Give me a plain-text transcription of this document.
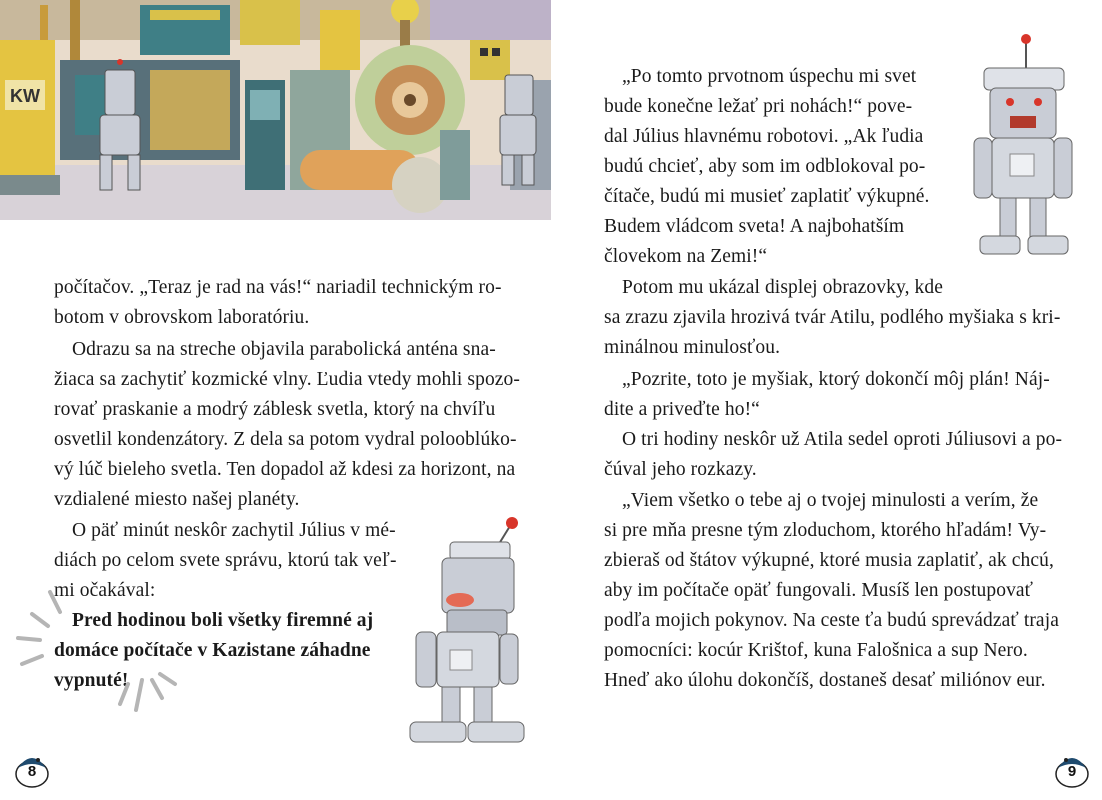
KW

počítačov. „Teraz je rad na vás!“ nariadil technickým ro-

botom v obrovskom laboratóriu.

Odrazu sa na streche objavila parabolická anténa sna-

žiaca sa zachytiť kozmické vlny. Ľudia vtedy mohli spozo-

rovať praskanie a modrý záblesk svetla, ktorý na chvíľu

osvetlil kondenzátory. Z dela sa potom vydral polooblúko-

vý lúč bieleho svetla. Ten dopadol až kdesi za horizont, na

vzdialené miesto našej planéty.

O päť minút neskôr zachytil Július v mé-

diách po celom svete správu, ktorú tak veľ-

mi očakával:

Pred hodinou boli všetky firemné aj

domáce počítače v Kazistane záhadne

vypnuté!

8

„Po tomto prvotnom úspechu mi svet

bude konečne ležať pri nohách!“ pove-

dal Július hlavnému robotovi. „Ak ľudia

budú chcieť, aby som im odblokoval po-

čítače, budú mi musieť zaplatiť výkupné.

Budem vládcom sveta! A najbohatším

človekom na Zemi!“

Potom mu ukázal displej obrazovky, kde

sa zrazu zjavila hrozivá tvár Atilu, podlého myšiaka s kri-

minálnou minulosťou.

„Pozrite, toto je myšiak, ktorý dokončí môj plán! Náj-

dite a priveďte ho!“

O tri hodiny neskôr už Atila sedel oproti Júliusovi a po-

čúval jeho rozkazy.

„Viem všetko o tebe aj o tvojej minulosti a verím, že

si pre mňa presne tým zloduchom, ktorého hľadám! Vy-

zbieraš od štátov výkupné, ktoré musia zaplatiť, ak chcú,

aby im počítače opäť fungovali. Musíš len postupovať

podľa mojich pokynov. Na ceste ťa budú sprevádzať traja

pomocníci: kocúr Krištof, kuna Falošnica a sup Nero.

Hneď ako úlohu dokončíš, dostaneš desať miliónov eur.

9
